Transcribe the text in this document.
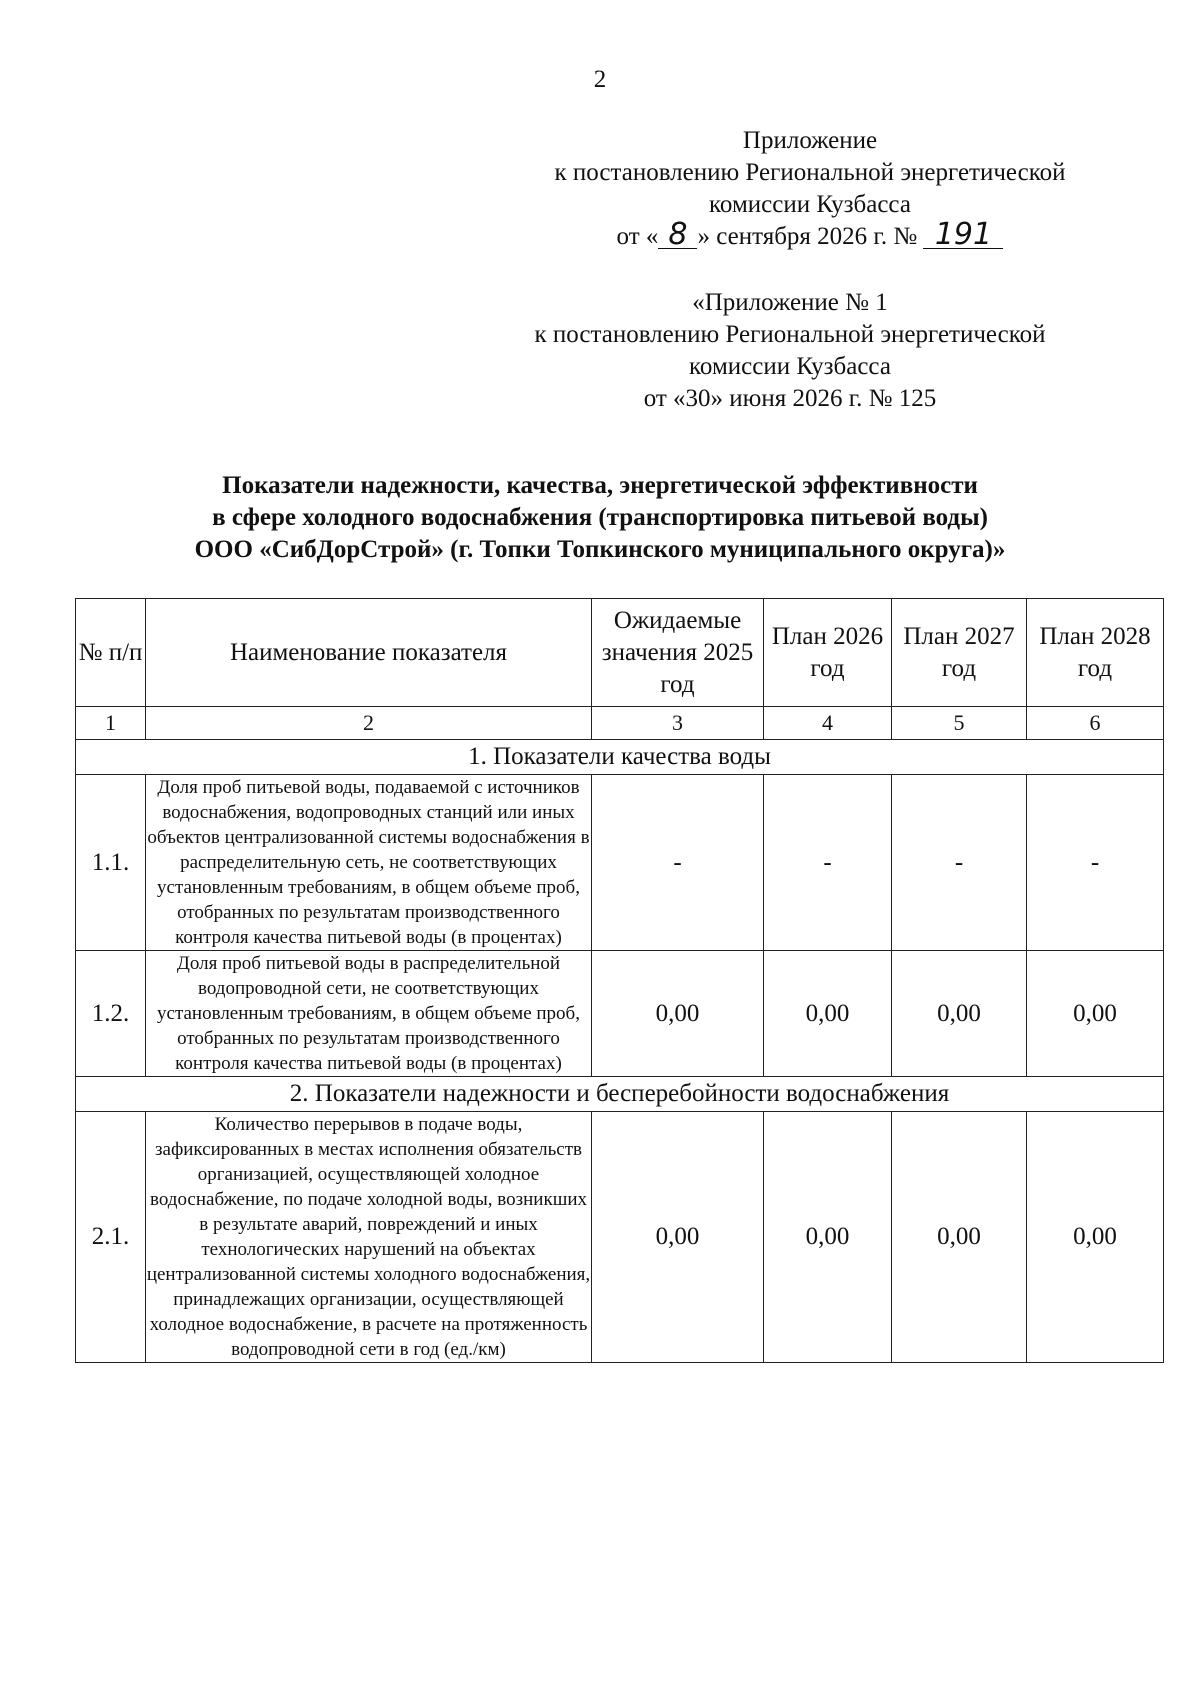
2
Приложение
к постановлению Региональной энергетической
комиссии Кузбасса
от « 8 » сентября 2026 г. № 191
«Приложение № 1
к постановлению Региональной энергетической
комиссии Кузбасса
от «30» июня 2026 г. № 125
Показатели надежности, качества, энергетической эффективности
в сфере холодного водоснабжения (транспортировка питьевой воды)
ООО «СибДорСтрой» (г. Топки Топкинского муниципального округа)»
№ п/п	Наименование показателя	Ожидаемые значения 2025 год	План 2026 год	План 2027 год	План 2028 год
1	2	3	4	5	6
1. Показатели качества воды					
1.1.	Доля проб питьевой воды, подаваемой с источников водоснабжения, водопроводных станций или иных объектов централизованной системы водоснабжения в распределительную сеть, не соответствующих установленным требованиям, в общем объеме проб, отобранных по результатам производственного контроля качества питьевой воды (в процентах)	-	-	-	-
1.2.	Доля проб питьевой воды в распределительной водопроводной сети, не соответствующих установленным требованиям, в общем объеме проб, отобранных по результатам производственного контроля качества питьевой воды (в процентах)	0,00	0,00	0,00	0,00
2. Показатели надежности и бесперебойности водоснабжения					
2.1.	Количество перерывов в подаче воды, зафиксированных в местах исполнения обязательств организацией, осуществляющей холодное водоснабжение, по подаче холодной воды, возникших в результате аварий, повреждений и иных технологических нарушений на объектах централизованной системы холодного водоснабжения, принадлежащих организации, осуществляющей холодное водоснабжение, в расчете на протяженность водопроводной сети в год (ед./км)	0,00	0,00	0,00	0,00
